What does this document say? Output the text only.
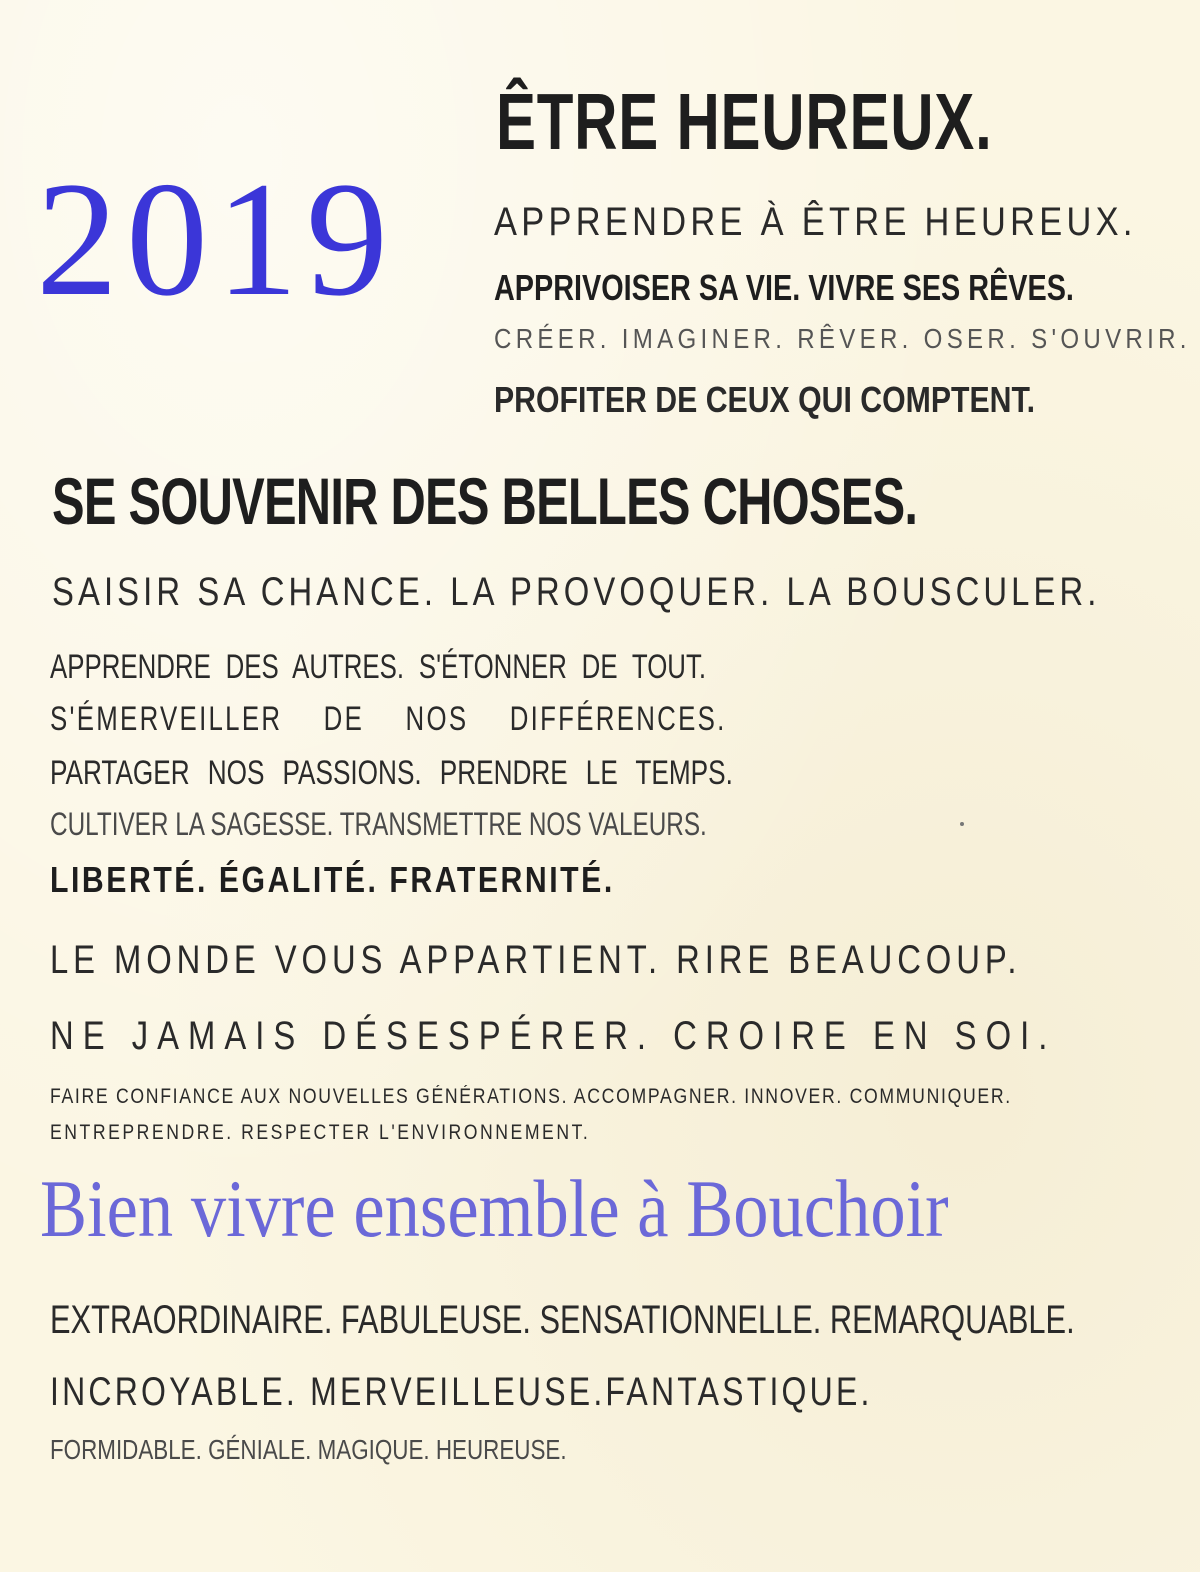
2019
ÊTRE HEUREUX.
APPRENDRE À ÊTRE HEUREUX.
APPRIVOISER SA VIE. VIVRE SES RÊVES.
CRÉER. IMAGINER. RÊVER. OSER. S'OUVRIR.
PROFITER DE CEUX QUI COMPTENT.
SE SOUVENIR DES BELLES CHOSES.
SAISIR SA CHANCE. LA PROVOQUER. LA BOUSCULER.
APPRENDRE DES AUTRES. S'ÉTONNER DE TOUT.
S'ÉMERVEILLER DE NOS DIFFÉRENCES.
PARTAGER NOS PASSIONS. PRENDRE LE TEMPS.
CULTIVER LA SAGESSE. TRANSMETTRE NOS VALEURS.
LIBERTÉ. ÉGALITÉ. FRATERNITÉ.
LE MONDE VOUS APPARTIENT. RIRE BEAUCOUP.
NE JAMAIS DÉSESPÉRER. CROIRE EN SOI.
FAIRE CONFIANCE AUX NOUVELLES GÉNÉRATIONS. ACCOMPAGNER. INNOVER. COMMUNIQUER.
ENTREPRENDRE. RESPECTER L'ENVIRONNEMENT.
Bien vivre ensemble à Bouchoir
EXTRAORDINAIRE. FABULEUSE. SENSATIONNELLE. REMARQUABLE.
INCROYABLE. MERVEILLEUSE.FANTASTIQUE.
FORMIDABLE. GÉNIALE. MAGIQUE. HEUREUSE.
